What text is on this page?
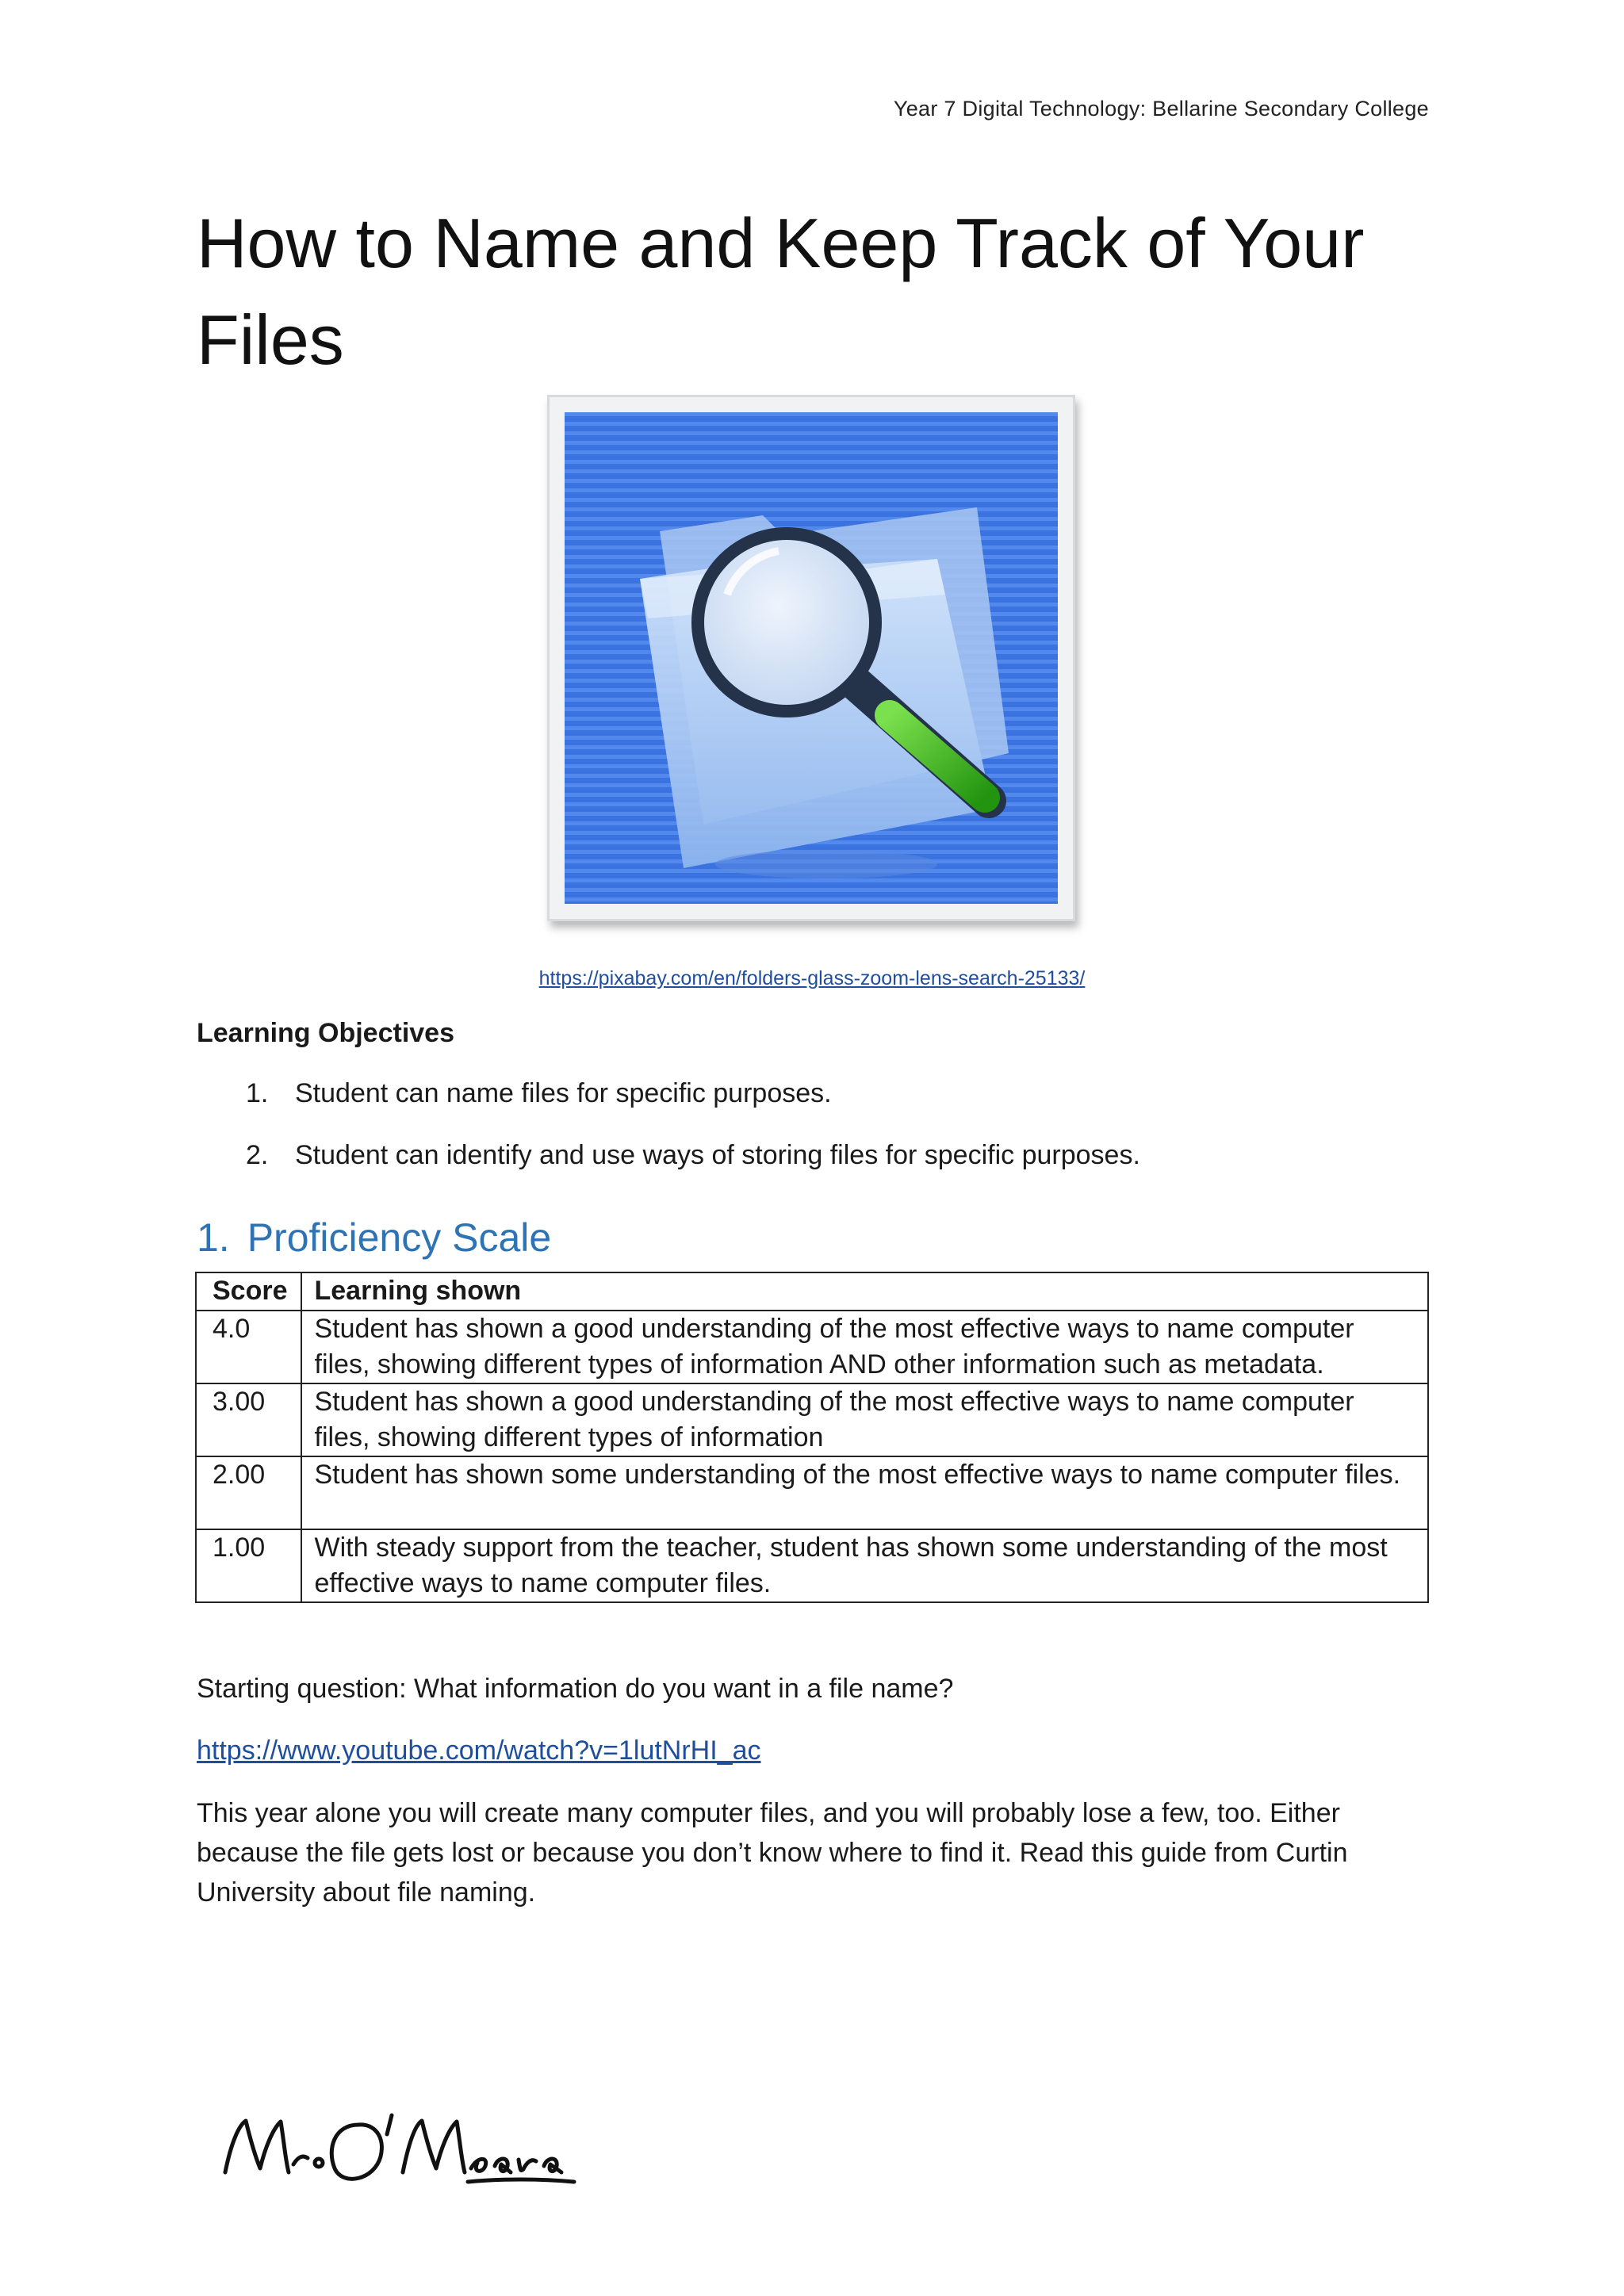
Year 7 Digital Technology: Bellarine Secondary College
How to Name and Keep Track of Your Files
https://pixabay.com/en/folders-glass-zoom-lens-search-25133/
Learning Objectives
1. Student can name files for specific purposes.
2. Student can identify and use ways of storing files for specific purposes.
1. Proficiency Scale
Score	Learning shown
4.0	Student has shown a good understanding of the most effective ways to name computer files, showing different types of information AND other information such as metadata.
3.00	Student has shown a good understanding of the most effective ways to name computer files, showing different types of information
2.00	Student has shown some understanding of the most effective ways to name computer files.
1.00	With steady support from the teacher, student has shown some understanding of the most effective ways to name computer files.

Starting question: What information do you want in a file name?

https://www.youtube.com/watch?v=1lutNrHI_ac

This year alone you will create many computer files, and you will probably lose a few, too. Either because the file gets lost or because you don’t know where to find it. Read this guide from Curtin University about file naming.
